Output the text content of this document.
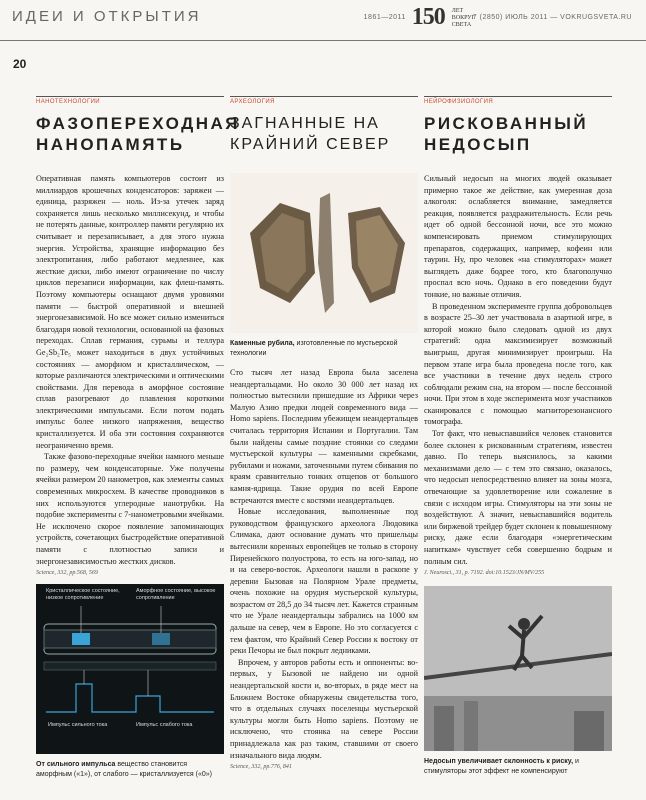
ИДЕИ И ОТКРЫТИЯ	1861—2011 150 ЛЕТ ВОКРУГ СВЕТА
7 (2850) ИЮЛЬ 2011 — VOKRUGSVETA.RU
20
НАНОТЕХНОЛОГИИ
ФАЗОПЕРЕХОДНАЯ НАНОПАМЯТЬ

Оперативная память компьютеров состоит из миллиардов крошечных конденсаторов: заряжен — единица, разряжен — ноль. Из-за утечек заряд сохраняется лишь несколько миллисекунд, и чтобы не потерять данные, контроллер памяти регулярно их считывает и перезаписывает, а для этого нужна энергия. Устройства, хранящие информацию без электропитания, либо работают медленнее, как жесткие диски, либо имеют ограничение по числу циклов перезаписи информации, как флеш-память. Поэтому компьютеры оснащают двумя уровнями памяти — быстрой оперативной и внешней энергонезависимой. Но все может сильно измениться благодаря новой технологии, основанной на фазовых переходах. Сплав германия, сурьмы и теллура Ge₂Sb₂Te₅ может находиться в двух устойчивых состояниях — аморфном и кристаллическом, — которые различаются электрическими и оптическими свойствами. Для перевода в аморфное состояние сплав разогревают до плавления короткими электрическими импульсами. Если потом подать импульс более низкого напряжения, вещество кристаллизуется. И оба эти состояния сохраняются неограниченно время.

Также фазово-переходные ячейки намного меньше по размеру, чем конденсаторные. Уже получены ячейки размером 20 нанометров, как элементы самых современных микросхем. В качестве проводников в них используются углеродные нанотрубки. На подобие эксперименты с 7-нанометровыми ячейками. Не исключено скорое появление запоминающих устройств, сочетающих быстродействие оперативной памяти с плотностью записи и энергонезависимостью жестких дисков.

Science, 332, pp.568, 569
Кристаллическое состояние, низкое сопротивление
Аморфное состояние, высокое сопротивление
Импульс сильного тока	Импульс слабого тока
От сильного импульса вещество становится аморфным («1»), от слабого — кристаллизуется («0»)
АРХЕОЛОГИЯ
ЗАГНАННЫЕ НА КРАЙНИЙ СЕВЕР
Каменные рубила, изготовленные по мустьерской технологии

Сто тысяч лет назад Европа была заселена неандертальцами. Но около 30 000 лет назад их полностью вытеснили пришедшие из Африки через Малую Азию предки людей современного вида — Homo sapiens. Последним убежищем неандертальцев считалась территория Испании и Португалии. Там были найдены самые поздние стоянки со следами мустьерской культуры — каменными скребками, рубилами и ножами, заточенными путем сбивания по краям сравнительно тонких отщепов от большого камня-ядрища. Такие орудия по всей Европе встречаются вместе с костями неандертальцев.

Новые исследования, выполненные под руководством французского археолога Людовика Слимака, дают основание думать что пришельцы вытеснили коренных европейцев не только в сторону Пиренейского полуострова, то есть на юго-запад, но и на северо-восток. Археологи нашли в раскопе у деревни Бызовая на Полярном Урале предметы, очень похожие на орудия мустьерской культуры, возрастом от 28,5 до 34 тысяч лет. Кажется странным что не Урале неандертальцы забрались на 1000 км дальше на север, чем в Европе. Но это согласуется с тем фактом, что Крайний Север России к востоку от реки Печоры не был покрыт ледниками.

Впрочем, у авторов работы есть и оппоненты: во-первых, у Бызовой не найдено ни одной неандертальской кости и, во-вторых, в ряде мест на Ближнем Востоке обнаружены свидетельства того, что в отдельных случаях поселенцы мустьерской культуры могли быть Homo sapiens. Поэтому не исключено, что стоянка на севере России принадлежала как раз таким, ставшими от своего изначального вида людям.

Science, 332, pp.776, 841
НЕЙРОФИЗИОЛОГИЯ
РИСКОВАННЫЙ НЕДОСЫП

Сильный недосып на многих людей оказывает примерно такое же действие, как умеренная доза алкоголя: ослабляется внимание, замедляется реакция, появляется раздражительность. Если речь идет об одной бессонной ночи, все это можно компенсировать приемом стимулирующих препаратов, содержащих, например, кофеин или таурин. Ну, про человек «на стимуляторах» может выглядеть даже бодрее того, кто благополучно проспал всю ночь. Однако в его поведении будут тонкие, но важные отличия.

В проведенном эксперименте группа добровольцев в возрасте 25–30 лет участвовала в азартной игре, в которой можно было следовать одной из двух стратегий: одна максимизирует возможный выигрыш, другая минимизирует проигрыш. На первом этапе игра была проведена после того, как все участники в течение двух недель строго соблюдали режим сна, на втором — после бессонной ночи. При этом в ходе эксперимента мозг участников сканировался с помощью магниторезонансного томографа.

Тот факт, что невыспавшийся человек становится более склонен к рискованным стратегиям, известен давно. По теперь выяснилось, за какими механизмами дело — с тем это связано, оказалось, что недосып непосредственно влияет на зоны мозга, отвечающие за удовлетворение или сожаление в связи с исходом игры. Стимуляторы на эти зоны не воздействуют. А значит, невыспавшийся водитель или биржевой трейдер будет склонен к повышенному риску, даже если благодаря «энергетическим напиткам» чувствует себя совершенно бодрым и полным сил.

J. Neurosci., 31, p. 7192. doi:10.1523/JN/MV/255
Недосып увеличивает склонность к риску, и стимуляторы этот эффект не компенсируют
